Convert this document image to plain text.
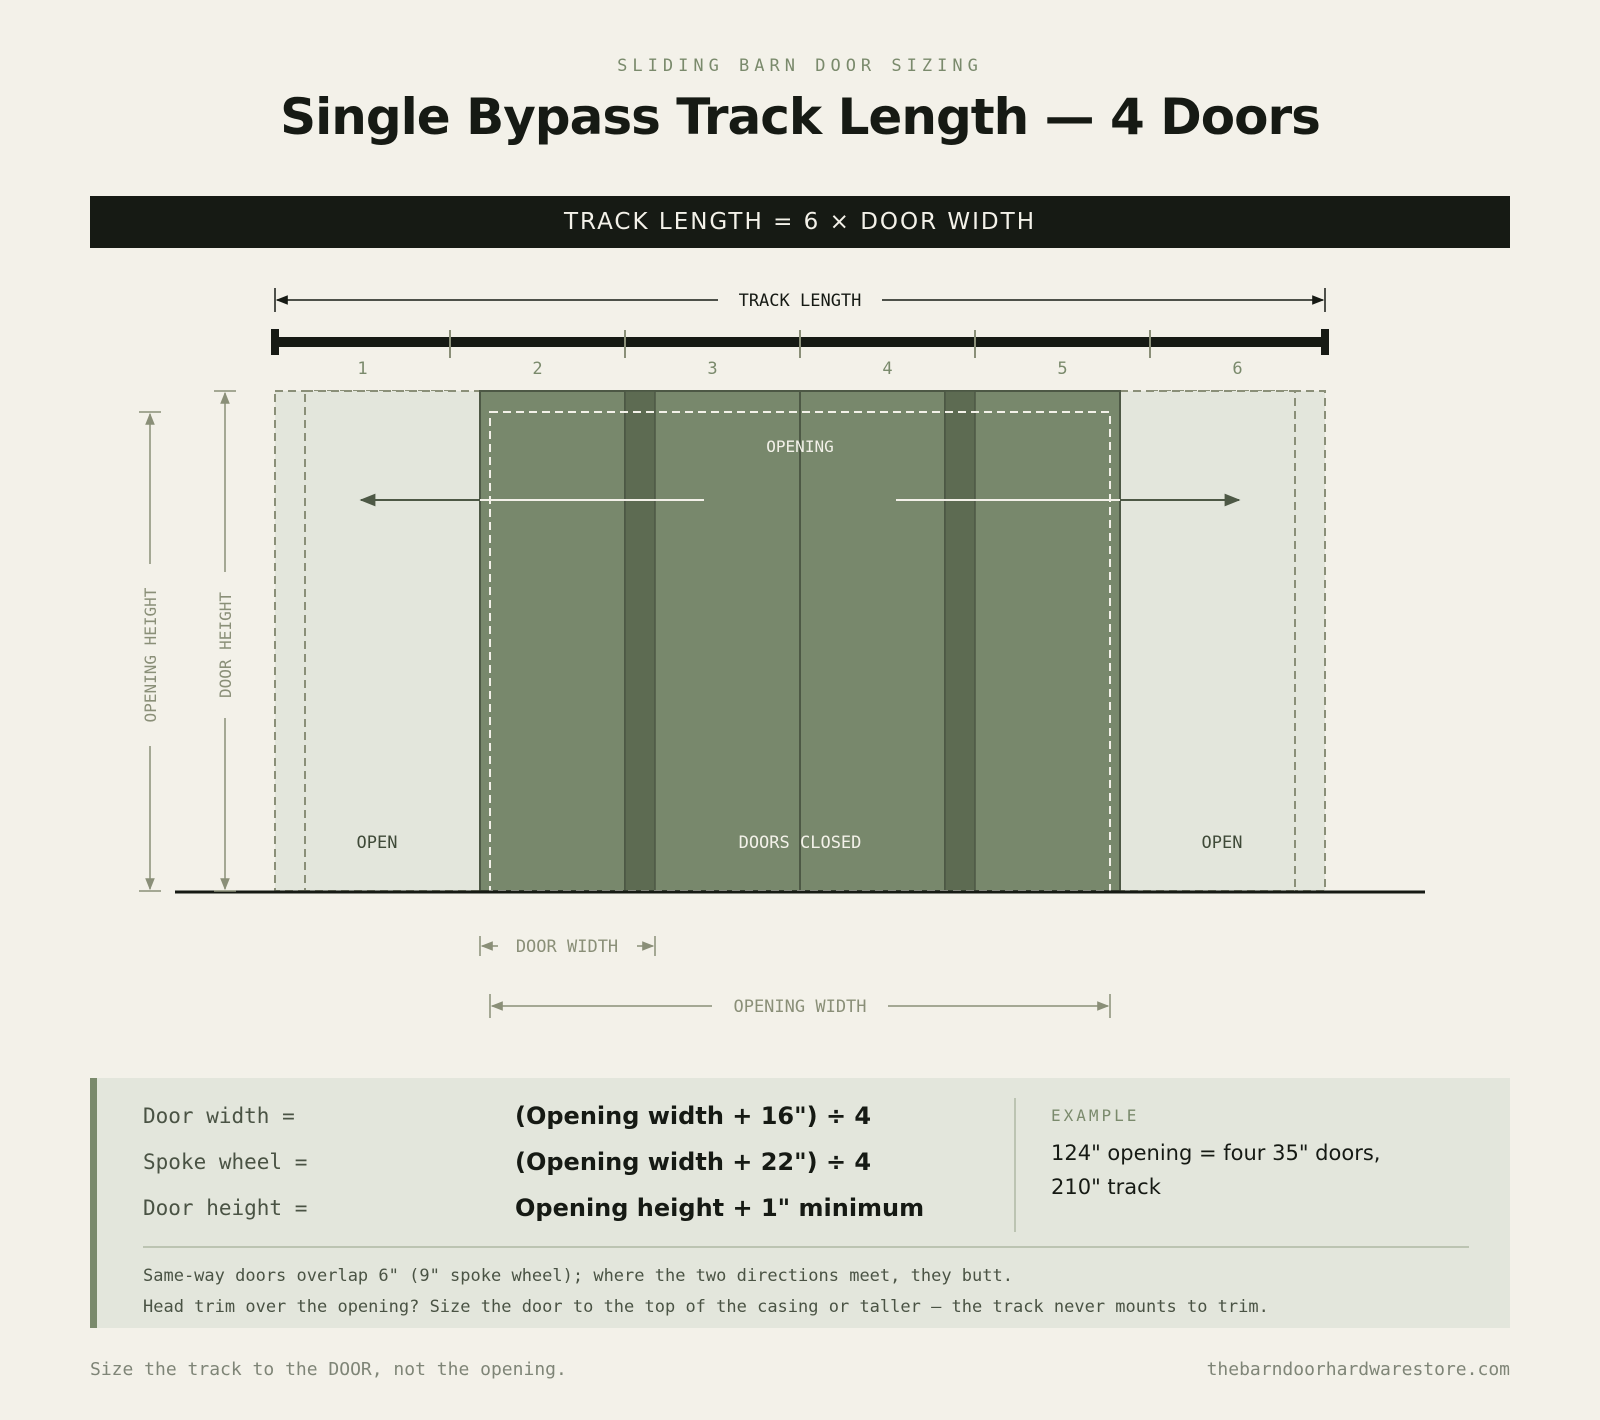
SLIDING BARN DOOR SIZING
Single Bypass Track Length — 4 Doors
TRACK LENGTH = 6 × DOOR WIDTH
TRACK LENGTH
OPENING
1	2	3	4	5	6
OPEN	OPEN
DOORS CLOSED
OPENING HEIGHT	DOOR HEIGHT
DOOR WIDTH
OPENING WIDTH
Door width =	(Opening width + 16") ÷ 4
Spoke wheel =	(Opening width + 22") ÷ 4
Door height =	Opening height + 1" minimum
EXAMPLE
124" opening = four 35" doors, 210" track
Same-way doors overlap 6" (9" spoke wheel); where the two directions meet, they butt.
Head trim over the opening? Size the door to the top of the casing or taller — the track never mounts to trim.
Size the track to the DOOR, not the opening.	thebarndoorhardwarestore.com
